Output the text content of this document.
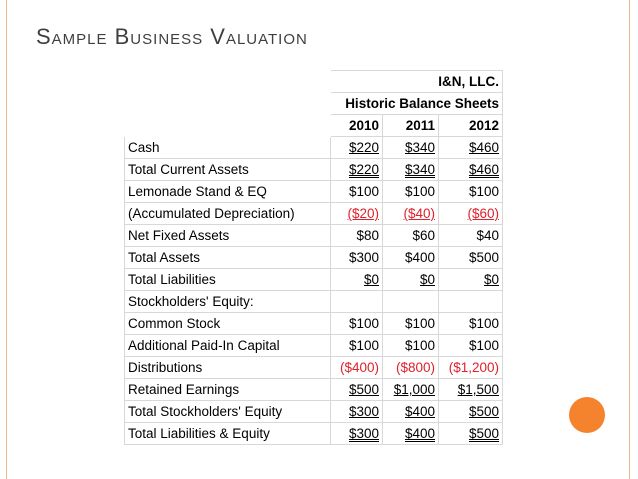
Sample Business Valuation
	I&N, LLC.		
	Historic Balance Sheets		
	2010	2011	2012
Cash	$220	$340	$460
Total Current Assets	$220	$340	$460
Lemonade Stand & EQ	$100	$100	$100
(Accumulated Depreciation)	($20)	($40)	($60)
Net Fixed Assets	$80	$60	$40
Total Assets	$300	$400	$500
Total Liabilities	$0	$0	$0
Stockholders' Equity:			
Common Stock	$100	$100	$100
Additional Paid-In Capital	$100	$100	$100
Distributions	($400)	($800)	($1,200)
Retained Earnings	$500	$1,000	$1,500
Total Stockholders' Equity	$300	$400	$500
Total Liabilities & Equity	$300	$400	$500
